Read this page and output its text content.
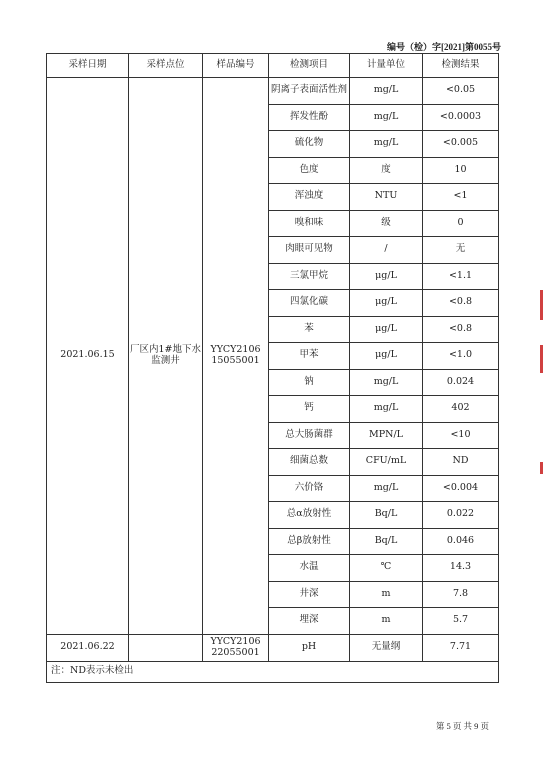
编号（检）字[2021]第0055号
采样日期	采样点位	样品编号	检测项目	计量单位	检测结果
2021.06.15	厂区内1#地下水监测井	YYCY2106 15055001	阴离子表面活性剂	mg/L	<0.05
			挥发性酚	mg/L	<0.0003
			硫化物	mg/L	<0.005
			色度	度	10
			浑浊度	NTU	<1
			嗅和味	级	0
			肉眼可见物	/	无
			三氯甲烷	μg/L	<1.1
			四氯化碳	μg/L	<0.8
			苯	μg/L	<0.8
			甲苯	μg/L	<1.0
			钠	mg/L	0.024
			钙	mg/L	402
			总大肠菌群	MPN/L	<10
			细菌总数	CFU/mL	ND
			六价铬	mg/L	<0.004
			总α放射性	Bq/L	0.022
			总β放射性	Bq/L	0.046
			水温	℃	14.3
			井深	m	7.8
			埋深	m	5.7
2021.06.22		YYCY2106 22055001	pH	无量纲	7.71
注：ND表示未检出					
第 5 页 共 9 页
